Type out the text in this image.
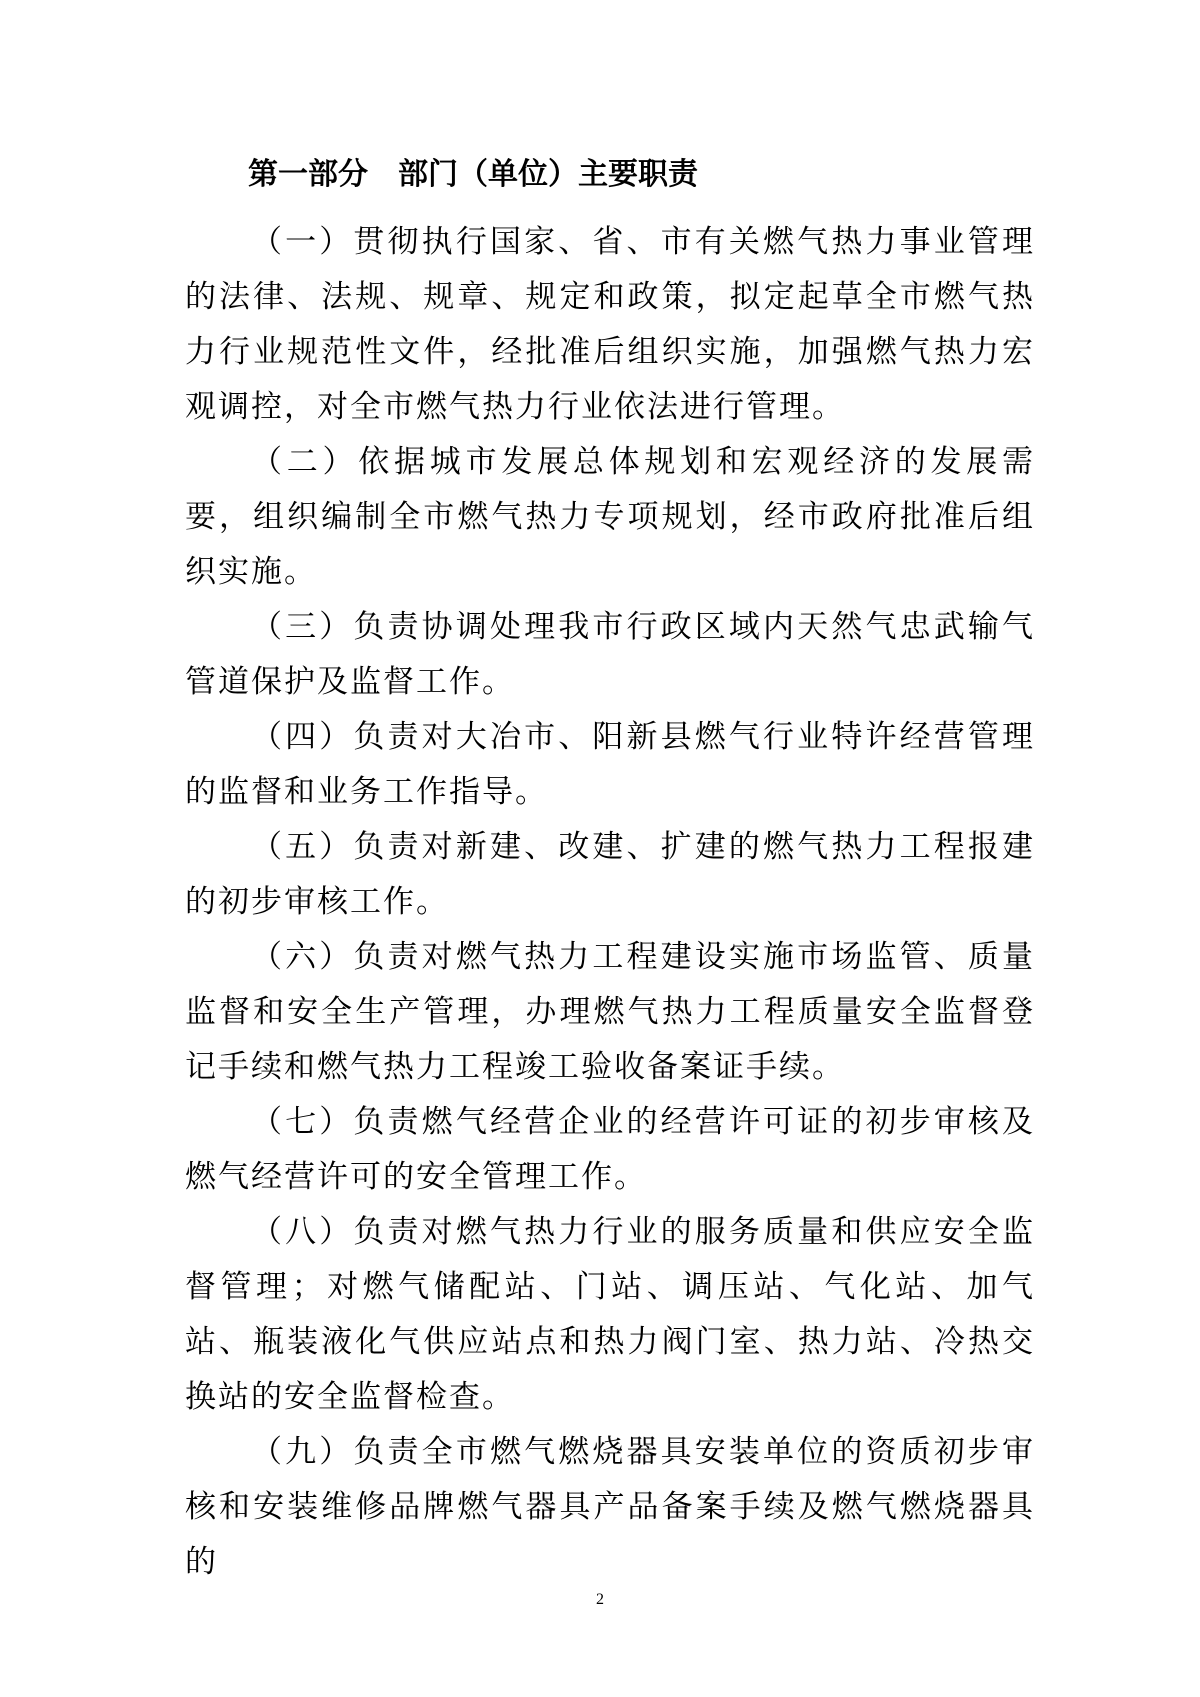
第一部分　部门（单位）主要职责

（一）贯彻执行国家、省、市有关燃气热力事业管理的法律、法规、规章、规定和政策，拟定起草全市燃气热力行业规范性文件，经批准后组织实施，加强燃气热力宏观调控，对全市燃气热力行业依法进行管理。

（二）依据城市发展总体规划和宏观经济的发展需要，组织编制全市燃气热力专项规划，经市政府批准后组织实施。

（三）负责协调处理我市行政区域内天然气忠武输气管道保护及监督工作。

（四）负责对大冶市、阳新县燃气行业特许经营管理的监督和业务工作指导。

（五）负责对新建、改建、扩建的燃气热力工程报建的初步审核工作。

（六）负责对燃气热力工程建设实施市场监管、质量监督和安全生产管理，办理燃气热力工程质量安全监督登记手续和燃气热力工程竣工验收备案证手续。

（七）负责燃气经营企业的经营许可证的初步审核及燃气经营许可的安全管理工作。

（八）负责对燃气热力行业的服务质量和供应安全监督管理；对燃气储配站、门站、调压站、气化站、加气站、瓶装液化气供应站点和热力阀门室、热力站、冷热交换站的安全监督检查。

（九）负责全市燃气燃烧器具安装单位的资质初步审核和安装维修品牌燃气器具产品备案手续及燃气燃烧器具的

2
